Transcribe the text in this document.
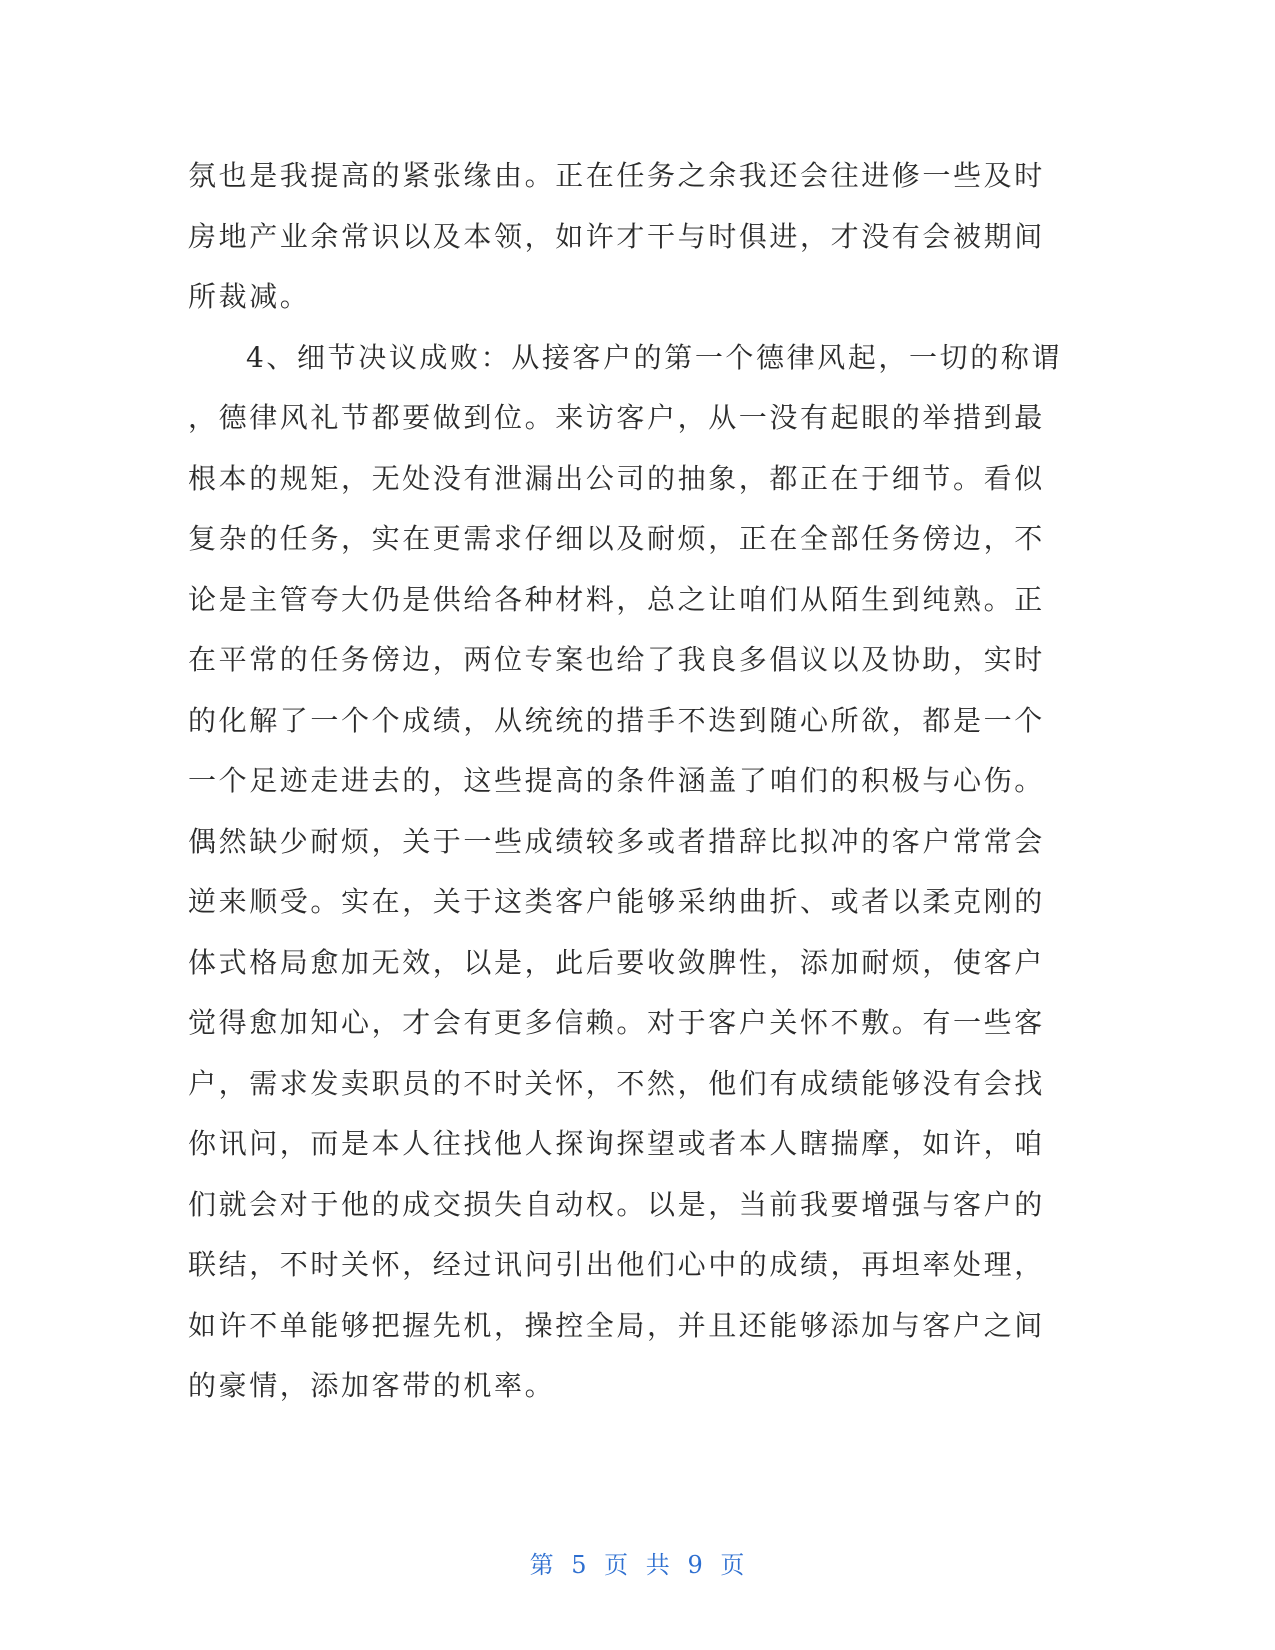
氛也是我提高的紧张缘由。正在任务之余我还会往进修一些及时
房地产业余常识以及本领，如许才干与时俱进，才没有会被期间
所裁减。
4、细节决议成败：从接客户的第一个德律风起，一切的称谓
，德律风礼节都要做到位。来访客户，从一没有起眼的举措到最
根本的规矩，无处没有泄漏出公司的抽象，都正在于细节。看似
复杂的任务，实在更需求仔细以及耐烦，正在全部任务傍边，不
论是主管夸大仍是供给各种材料，总之让咱们从陌生到纯熟。正
在平常的任务傍边，两位专案也给了我良多倡议以及协助，实时
的化解了一个个成绩，从统统的措手不迭到随心所欲，都是一个
一个足迹走进去的，这些提高的条件涵盖了咱们的积极与心伤。
偶然缺少耐烦，关于一些成绩较多或者措辞比拟冲的客户常常会
逆来顺受。实在，关于这类客户能够采纳曲折、或者以柔克刚的
体式格局愈加无效，以是，此后要收敛脾性，添加耐烦，使客户
觉得愈加知心，才会有更多信赖。对于客户关怀不敷。有一些客
户，需求发卖职员的不时关怀，不然，他们有成绩能够没有会找
你讯问，而是本人往找他人探询探望或者本人瞎揣摩，如许，咱
们就会对于他的成交损失自动权。以是，当前我要增强与客户的
联结，不时关怀，经过讯问引出他们心中的成绩，再坦率处理，
如许不单能够把握先机，操控全局，并且还能够添加与客户之间
的豪情，添加客带的机率。
第 5 页 共 9 页
